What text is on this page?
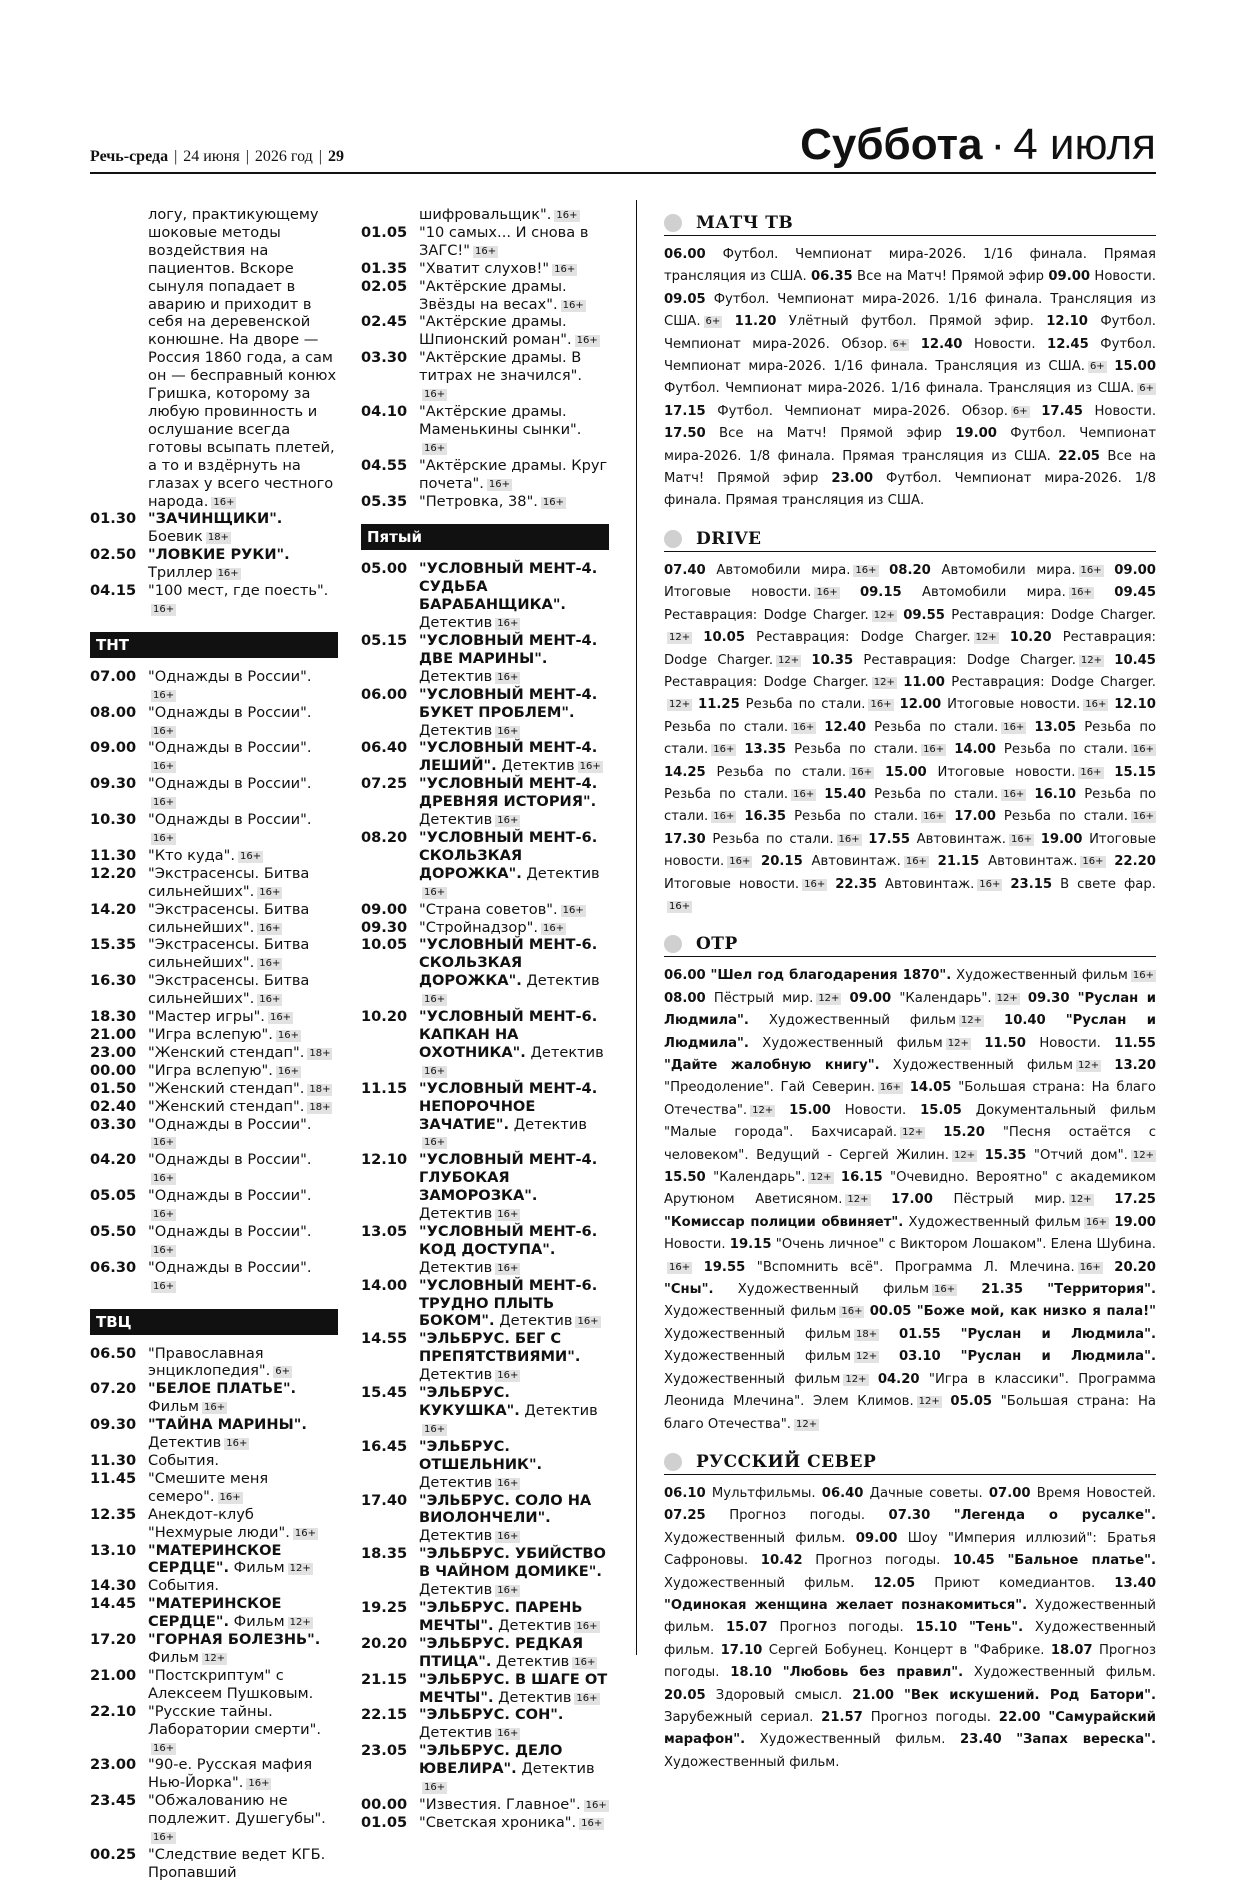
Речь-среда | 24 июня | 2026 год | 29	Суббота · 4 июля
логу, практикующему шоковые методы воздействия на пациентов. Вскоре сынуля попадает в аварию и приходит в себя на деревенской конюшне. На дворе — Россия 1860 года, а сам он — бесправный конюх Гришка, которому за любую провинность и ослушание всегда готовы всыпать плетей, а то и вздёрнуть на глазах у всего честного народа. 16+
01.30 "ЗАЧИНЩИКИ". Боевик 18+
02.50 "ЛОВКИЕ РУКИ". Триллер 16+
04.15 "100 мест, где поесть".16+
ТНТ
07.00 "Однажды в России".16+
08.00 "Однажды в России".16+
09.00 "Однажды в России".16+
09.30 "Однажды в России".16+
10.30 "Однажды в России".16+
11.30 "Кто куда". 16+
12.20 "Экстрасенсы. Битва сильнейших". 16+
14.20 "Экстрасенсы. Битва сильнейших". 16+
15.35 "Экстрасенсы. Битва сильнейших". 16+
16.30 "Экстрасенсы. Битва сильнейших". 16+
18.30 "Мастер игры". 16+
21.00 "Игра вслепую". 16+
23.00 "Женский стендап". 18+
00.00 "Игра вслепую". 16+
01.50 "Женский стендап". 18+
02.40 "Женский стендап". 18+
03.30 "Однажды в России".16+
04.20 "Однажды в России".16+
05.05 "Однажды в России".16+
05.50 "Однажды в России".16+
06.30 "Однажды в России".16+
ТВЦ
06.50 "Православная энциклопедия". 6+
07.20 "БЕЛОЕ ПЛАТЬЕ". Фильм 16+
09.30 "ТАЙНА МАРИНЫ". Детектив 16+
11.30 События.
11.45 "Смешите меня семеро". 16+
12.35 Анекдот-клуб "Нехмурые люди". 16+
13.10 "МАТЕРИНСКОЕ СЕРДЦЕ". Фильм 12+
14.30 События.
14.45 "МАТЕРИНСКОЕ СЕРДЦЕ". Фильм 12+
17.20 "ГОРНАЯ БОЛЕЗНЬ". Фильм 12+
21.00 "Постскриптум" с Алексеем Пушковым.
22.10 "Русские тайны. Лаборатории смерти".16+
23.00 "90-е. Русская мафия Нью-Йорка". 16+
23.45 "Обжалованию не подлежит. Душегубы".16+
00.25 "Следствие ведет КГБ. Пропавший
шифровальщик". 16+
01.05 "10 самых... И снова в ЗАГС!" 16+
01.35 "Хватит слухов!" 16+
02.05 "Актёрские драмы. Звёзды на весах". 16+
02.45 "Актёрские драмы. Шпионский роман". 16+
03.30 "Актёрские драмы. В титрах не значился".16+
04.10 "Актёрские драмы. Маменькины сынки".16+
04.55 "Актёрские драмы. Круг почета". 16+
05.35 "Петровка, 38". 16+
Пятый
05.00 "УСЛОВНЫЙ МЕНТ-4. СУДЬБА БАРАБАНЩИКА". Детектив 16+
05.15 "УСЛОВНЫЙ МЕНТ-4. ДВЕ МАРИНЫ". Детектив 16+
06.00 "УСЛОВНЫЙ МЕНТ-4. БУКЕТ ПРОБЛЕМ". Детектив 16+
06.40 "УСЛОВНЫЙ МЕНТ-4. ЛЕШИЙ". Детектив 16+
07.25 "УСЛОВНЫЙ МЕНТ-4. ДРЕВНЯЯ ИСТОРИЯ". Детектив 16+
08.20 "УСЛОВНЫЙ МЕНТ-6. СКОЛЬЗКАЯ ДОРОЖКА". Детектив16+
09.00 "Страна советов". 16+
09.30 "Стройнадзор". 16+
10.05 "УСЛОВНЫЙ МЕНТ-6. СКОЛЬЗКАЯ ДОРОЖКА". Детектив16+
10.20 "УСЛОВНЫЙ МЕНТ-6. КАПКАН НА ОХОТНИКА". Детектив16+
11.15 "УСЛОВНЫЙ МЕНТ-4. НЕПОРОЧНОЕ ЗАЧАТИЕ". Детектив16+
12.10 "УСЛОВНЫЙ МЕНТ-4. ГЛУБОКАЯ ЗАМОРОЗКА". Детектив 16+
13.05 "УСЛОВНЫЙ МЕНТ-6. КОД ДОСТУПА". Детектив 16+
14.00 "УСЛОВНЫЙ МЕНТ-6. ТРУДНО ПЛЫТЬ БОКОМ". Детектив 16+
14.55 "ЭЛЬБРУС. БЕГ С ПРЕПЯТСТВИЯМИ". Детектив 16+
15.45 "ЭЛЬБРУС. КУКУШКА". Детектив16+
16.45 "ЭЛЬБРУС. ОТШЕЛЬНИК". Детектив 16+
17.40 "ЭЛЬБРУС. СОЛО НА ВИОЛОНЧЕЛИ". Детектив 16+
18.35 "ЭЛЬБРУС. УБИЙСТВО В ЧАЙНОМ ДОМИКЕ". Детектив 16+
19.25 "ЭЛЬБРУС. ПАРЕНЬ МЕЧТЫ". Детектив 16+
20.20 "ЭЛЬБРУС. РЕДКАЯ ПТИЦА". Детектив 16+
21.15 "ЭЛЬБРУС. В ШАГЕ ОТ МЕЧТЫ". Детектив 16+
22.15 "ЭЛЬБРУС. СОН". Детектив 16+
23.05 "ЭЛЬБРУС. ДЕЛО ЮВЕЛИРА". Детектив16+
00.00 "Известия. Главное". 16+
01.05 "Светская хроника". 16+
МАТЧ ТВ
06.00 Футбол. Чемпионат мира-2026. 1/16 финала. Прямая трансляция из США. 06.35 Все на Матч! Прямой эфир 09.00 Новости. 09.05 Футбол. Чемпионат мира-2026. 1/16 финала. Трансляция из США. 6+ 11.20 Улётный футбол. Прямой эфир. 12.10 Футбол. Чемпионат мира-2026. Обзор. 6+ 12.40 Новости. 12.45 Футбол. Чемпионат мира-2026. 1/16 финала. Трансляция из США. 6+ 15.00 Футбол. Чемпионат мира-2026. 1/16 финала. Трансляция из США. 6+ 17.15 Футбол. Чемпионат мира-2026. Обзор. 6+ 17.45 Новости. 17.50 Все на Матч! Прямой эфир 19.00 Футбол. Чемпионат мира-2026. 1/8 финала. Прямая трансляция из США. 22.05 Все на Матч! Прямой эфир 23.00 Футбол. Чемпионат мира-2026. 1/8 финала. Прямая трансляция из США.
DRIVE
07.40 Автомобили мира. 16+ 08.20 Автомобили мира. 16+ 09.00 Итоговые новости. 16+ 09.15 Автомобили мира. 16+ 09.45 Реставрация: Dodge Charger. 12+ 09.55 Реставрация: Dodge Charger.12+ 10.05 Реставрация: Dodge Charger. 12+ 10.20 Реставрация: Dodge Charger. 12+ 10.35 Реставрация: Dodge Charger. 12+ 10.45 Реставрация: Dodge Charger. 12+ 11.00 Реставрация: Dodge Charger.12+ 11.25 Резьба по стали. 16+ 12.00 Итоговые новости. 16+ 12.10 Резьба по стали. 16+ 12.40 Резьба по стали. 16+ 13.05 Резьба по стали. 16+ 13.35 Резьба по стали. 16+ 14.00 Резьба по стали. 16+ 14.25 Резьба по стали. 16+ 15.00 Итоговые новости. 16+ 15.15 Резьба по стали. 16+ 15.40 Резьба по стали. 16+ 16.10 Резьба по стали. 16+ 16.35 Резьба по стали. 16+ 17.00 Резьба по стали. 16+ 17.30 Резьба по стали. 16+ 17.55 Автовинтаж. 16+ 19.00 Итоговые новости. 16+ 20.15 Автовинтаж. 16+ 21.15 Автовинтаж. 16+ 22.20 Итоговые новости. 16+ 22.35 Автовинтаж. 16+ 23.15 В свете фар.16+
ОТР
06.00 "Шел год благодарения 1870". Художественный фильм 16+ 08.00 Пёстрый мир. 12+ 09.00 "Календарь". 12+ 09.30 "Руслан и Людмила". Художественный фильм 12+ 10.40 "Руслан и Людмила". Художественный фильм 12+ 11.50 Новости. 11.55 "Дайте жалобную книгу". Художественный фильм 12+ 13.20 "Преодоление". Гай Северин. 16+ 14.05 "Большая страна: На благо Отечества". 12+ 15.00 Новости. 15.05 Документальный фильм "Малые города". Бахчисарай. 12+ 15.20 "Песня остаётся с человеком". Ведущий - Сергей Жилин. 12+ 15.35 "Отчий дом". 12+ 15.50 "Календарь". 12+ 16.15 "Очевидно. Вероятно" с академиком Арутюном Аветисяном. 12+ 17.00 Пёстрый мир. 12+ 17.25 "Комиссар полиции обвиняет". Художественный фильм 16+ 19.00 Новости. 19.15 "Очень личное" с Виктором Лошаком". Елена Шубина.16+ 19.55 "Вспомнить всё". Программа Л. Млечина. 16+ 20.20 "Сны". Художественный фильм 16+ 21.35 "Территория". Художественный фильм 16+ 00.05 "Боже мой, как низко я пала!" Художественный фильм 18+ 01.55 "Руслан и Людмила". Художественный фильм 12+ 03.10 "Руслан и Людмила". Художественный фильм 12+ 04.20 "Игра в классики". Программа Леонида Млечина". Элем Климов. 12+ 05.05 "Большая страна: На благо Отечества". 12+
РУССКИЙ СЕВЕР
06.10 Мультфильмы. 06.40 Дачные советы. 07.00 Время Новостей. 07.25 Прогноз погоды. 07.30 "Легенда о русалке". Художественный фильм. 09.00 Шоу "Империя иллюзий": Братья Сафроновы. 10.42 Прогноз погоды. 10.45 "Бальное платье". Художественный фильм. 12.05 Приют комедиантов. 13.40 "Одинокая женщина желает познакомиться". Художественный фильм. 15.07 Прогноз погоды. 15.10 "Тень". Художественный фильм. 17.10 Сергей Бобунец. Концерт в "Фабрике. 18.07 Прогноз погоды. 18.10 "Любовь без правил". Художественный фильм. 20.05 Здоровый смысл. 21.00 "Век искушений. Род Батори". Зарубежный сериал. 21.57 Прогноз погоды. 22.00 "Самурайский марафон". Художественный фильм. 23.40 "Запах вереска". Художественный фильм.
